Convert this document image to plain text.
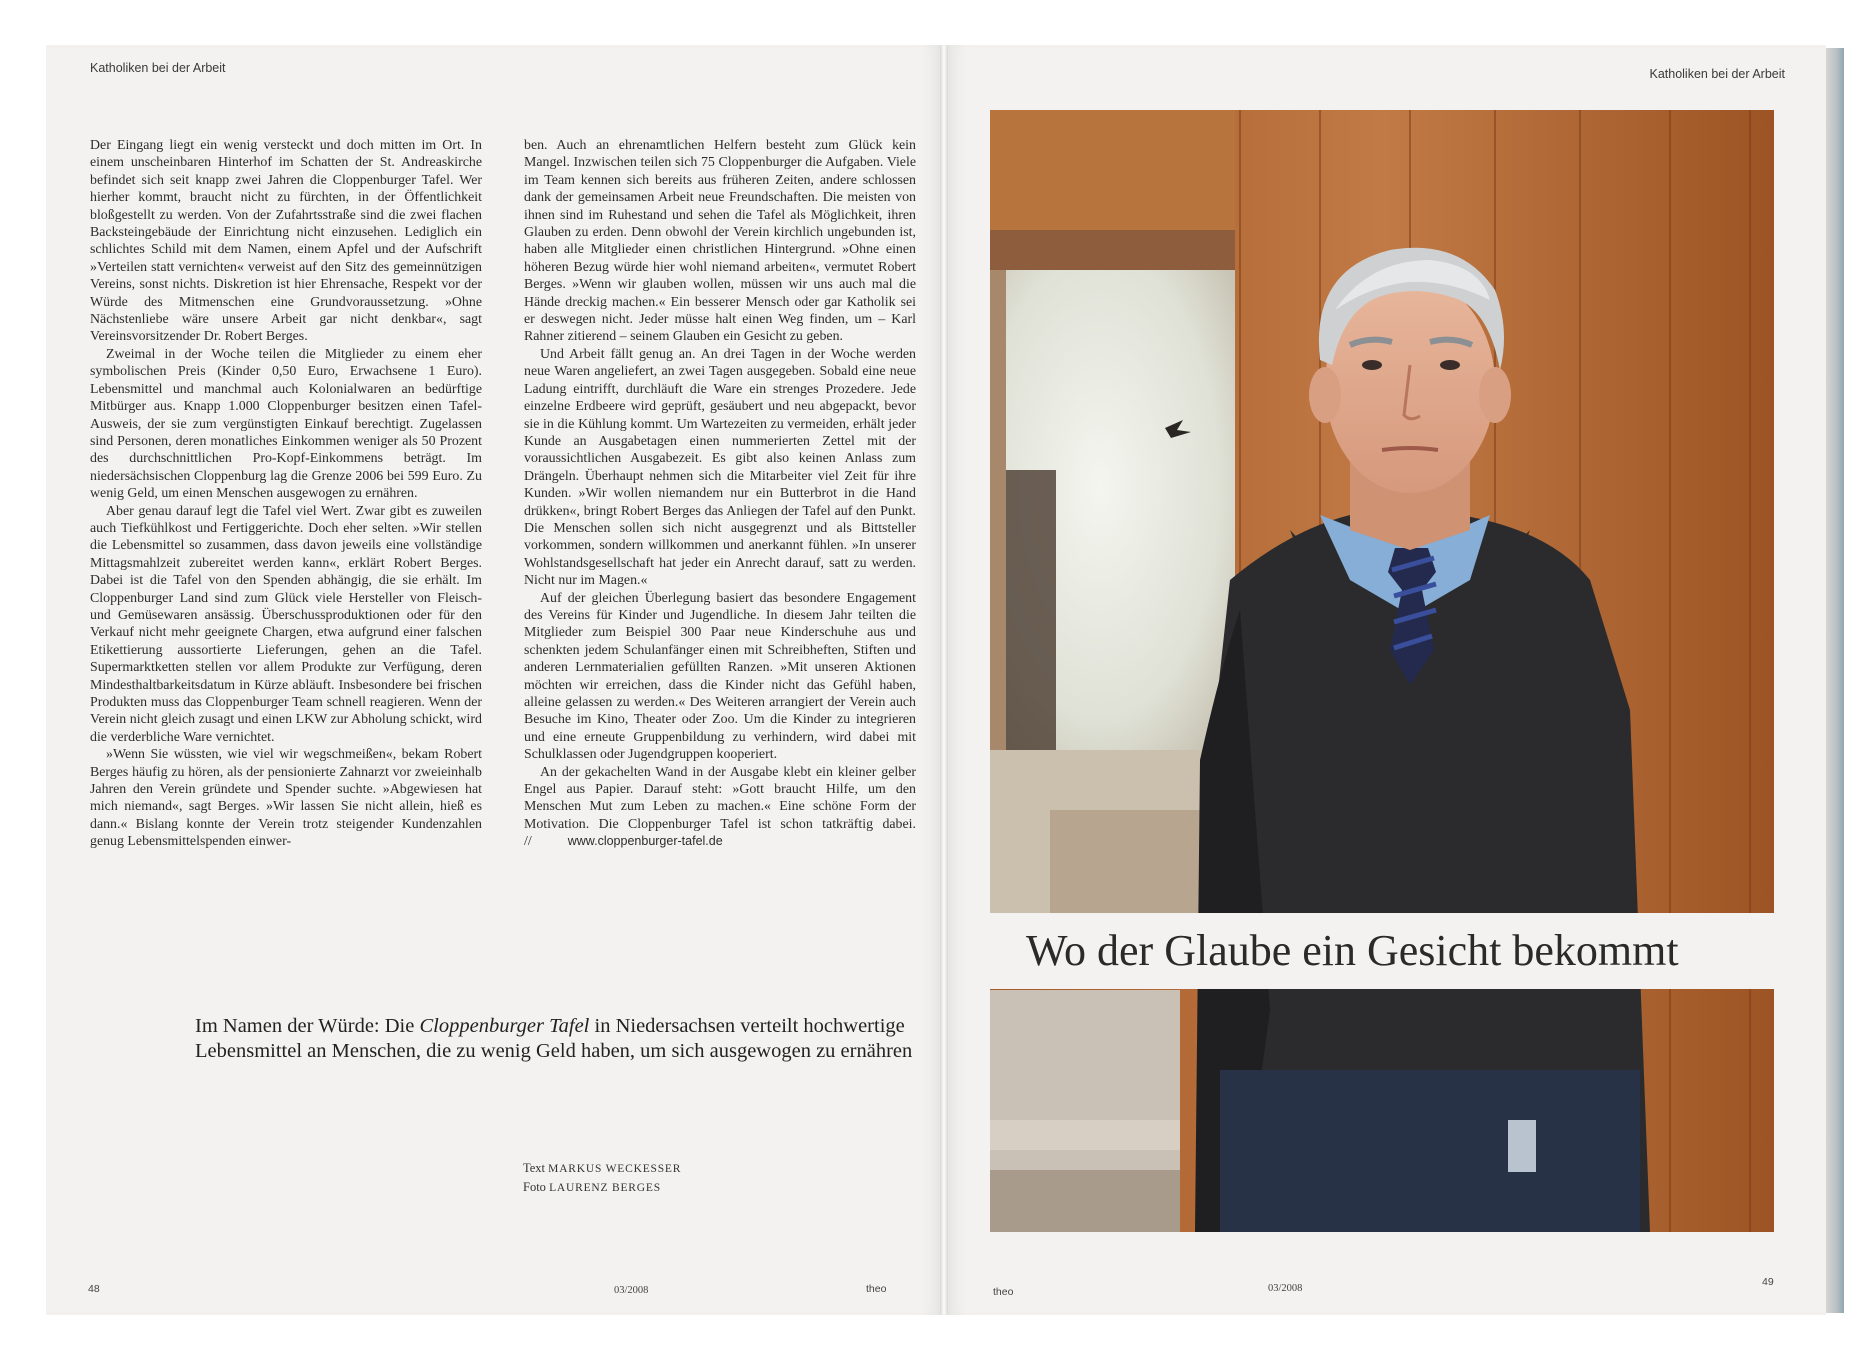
Katholiken bei der Arbeit	Katholiken bei der Arbeit

Der Eingang liegt ein wenig versteckt und doch mitten im Ort. In einem unscheinbaren Hinterhof im Schatten der St. Andreaskirche befindet sich seit knapp zwei Jahren die Cloppenburger Tafel. Wer hierher kommt, braucht nicht zu fürchten, in der Öffentlichkeit bloßgestellt zu werden. Von der Zufahrtsstraße sind die zwei flachen Backsteingebäude der Einrichtung nicht einzusehen. Lediglich ein schlichtes Schild mit dem Namen, einem Apfel und der Aufschrift »Verteilen statt vernichten« verweist auf den Sitz des gemeinnützigen Vereins, sonst nichts. Diskretion ist hier Ehrensache, Respekt vor der Würde des Mitmenschen eine Grundvoraussetzung. »Ohne Nächstenliebe wäre unsere Arbeit gar nicht denkbar«, sagt Vereinsvorsitzender Dr. Robert Berges.

Zweimal in der Woche teilen die Mitglieder zu einem eher symbolischen Preis (Kinder 0,50 Euro, Erwachsene 1 Euro). Lebensmittel und manchmal auch Kolonialwaren an bedürftige Mitbürger aus. Knapp 1.000 Cloppenburger besitzen einen Tafel-Ausweis, der sie zum vergünstigten Einkauf berechtigt. Zugelassen sind Personen, deren monatliches Einkommen weniger als 50 Prozent des durchschnittlichen Pro-Kopf-Einkommens beträgt. Im niedersächsischen Cloppenburg lag die Grenze 2006 bei 599 Euro. Zu wenig Geld, um einen Menschen ausgewogen zu ernähren.

Aber genau darauf legt die Tafel viel Wert. Zwar gibt es zuweilen auch Tiefkühlkost und Fertiggerichte. Doch eher selten. »Wir stellen die Lebensmittel so zusammen, dass davon jeweils eine vollständige Mittagsmahlzeit zubereitet werden kann«, erklärt Robert Berges. Dabei ist die Tafel von den Spenden abhängig, die sie erhält. Im Cloppenburger Land sind zum Glück viele Hersteller von Fleisch- und Gemüsewaren ansässig. Überschussproduktionen oder für den Verkauf nicht mehr geeignete Chargen, etwa aufgrund einer falschen Etikettierung aussortierte Lieferungen, gehen an die Tafel. Supermarktketten stellen vor allem Produkte zur Verfügung, deren Mindesthaltbarkeitsdatum in Kürze abläuft. Insbesondere bei frischen Produkten muss das Cloppenburger Team schnell reagieren. Wenn der Verein nicht gleich zusagt und einen LKW zur Abholung schickt, wird die verderbliche Ware vernichtet.

»Wenn Sie wüssten, wie viel wir wegschmeißen«, bekam Robert Berges häufig zu hören, als der pensionierte Zahnarzt vor zweieinhalb Jahren den Verein gründete und Spender suchte. »Abgewiesen hat mich niemand«, sagt Berges. »Wir lassen Sie nicht allein, hieß es dann.« Bislang konnte der Verein trotz steigender Kundenzahlen genug Lebensmittelspenden einwer-

ben. Auch an ehrenamtlichen Helfern besteht zum Glück kein Mangel. Inzwischen teilen sich 75 Cloppenburger die Aufgaben. Viele im Team kennen sich bereits aus früheren Zeiten, andere schlossen dank der gemeinsamen Arbeit neue Freundschaften. Die meisten von ihnen sind im Ruhestand und sehen die Tafel als Möglichkeit, ihren Glauben zu erden. Denn obwohl der Verein kirchlich ungebunden ist, haben alle Mitglieder einen christlichen Hintergrund. »Ohne einen höheren Bezug würde hier wohl niemand arbeiten«, vermutet Robert Berges. »Wenn wir glauben wollen, müssen wir uns auch mal die Hände dreckig machen.« Ein besserer Mensch oder gar Katholik sei er deswegen nicht. Jeder müsse halt einen Weg finden, um – Karl Rahner zitierend – seinem Glauben ein Gesicht zu geben.

Und Arbeit fällt genug an. An drei Tagen in der Woche werden neue Waren angeliefert, an zwei Tagen ausgegeben. Sobald eine neue Ladung eintrifft, durchläuft die Ware ein strenges Prozedere. Jede einzelne Erdbeere wird geprüft, gesäubert und neu abgepackt, bevor sie in die Kühlung kommt. Um Wartezeiten zu vermeiden, erhält jeder Kunde an Ausgabetagen einen nummerierten Zettel mit der voraussichtlichen Ausgabezeit. Es gibt also keinen Anlass zum Drängeln. Überhaupt nehmen sich die Mitarbeiter viel Zeit für ihre Kunden. »Wir wollen niemandem nur ein Butterbrot in die Hand drükken«, bringt Robert Berges das Anliegen der Tafel auf den Punkt. Die Menschen sollen sich nicht ausgegrenzt und als Bittsteller vorkommen, sondern willkommen und anerkannt fühlen. »In unserer Wohlstandsgesellschaft hat jeder ein Anrecht darauf, satt zu werden. Nicht nur im Magen.«

Auf der gleichen Überlegung basiert das besondere Engagement des Vereins für Kinder und Jugendliche. In diesem Jahr teilten die Mitglieder zum Beispiel 300 Paar neue Kinderschuhe aus und schenkten jedem Schulanfänger einen mit Schreibheften, Stiften und anderen Lernmaterialien gefüllten Ranzen. »Mit unseren Aktionen möchten wir erreichen, dass die Kinder nicht das Gefühl haben, alleine gelassen zu werden.« Des Weiteren arrangiert der Verein auch Besuche im Kino, Theater oder Zoo. Um die Kinder zu integrieren und eine erneute Gruppenbildung zu verhindern, wird dabei mit Schulklassen oder Jugendgruppen kooperiert.

An der gekachelten Wand in der Ausgabe klebt ein kleiner gelber Engel aus Papier. Darauf steht: »Gott braucht Hilfe, um den Menschen Mut zum Leben zu machen.« Eine schöne Form der Motivation. Die Cloppenburger Tafel ist schon tatkräftig dabei. //	www.cloppenburger-tafel.de

Im Namen der Würde: Die Cloppenburger Tafel in Niedersachsen verteilt hochwertige Lebensmittel an Menschen, die zu wenig Geld haben, um sich ausgewogen zu ernähren
Text MARKUS WECKESSER
Foto LAURENZ BERGES
48	03/2008	theo	theo	03/2008
49
Wo der Glaube ein Gesicht bekommt
